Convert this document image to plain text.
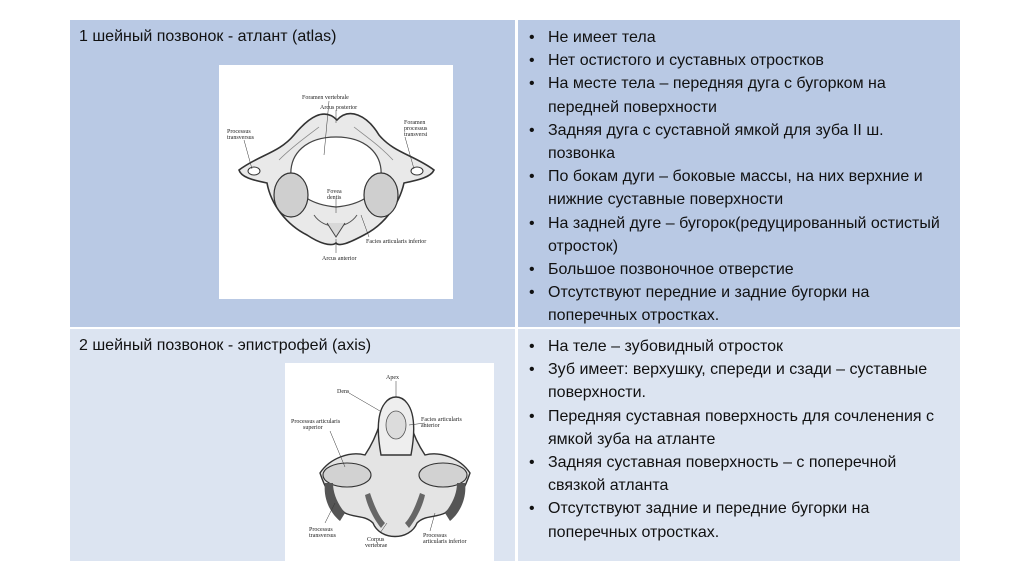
1 шейный позвонок - атлант (atlas)
Foramen vertebrale
Arcus posterior
Foramen
processus
transversi
Processus
transversus
Fovea
dentis
Facies articularis inferior
Arcus anterior
• Не имеет тела
• Нет остистого и суставных отростков
• На месте тела – передняя дуга с бугорком на передней поверхности
• Задняя дуга с суставной ямкой для зуба II ш. позвонка
• По бокам дуги – боковые массы, на них верхние и нижние суставные поверхности
• На задней дуге – бугорок(редуцированный остистый отросток)
• Большое позвоночное отверстие
• Отсутствуют передние и задние бугорки на поперечных отростках.
2 шейный позвонок - эпистрофей (axis)
Apex
Dens
Facies articularis
anterior
Processus articularis
superior
Processus
transversus
Corpus
vertebrae
Processus
articularis inferior
• На теле – зубовидный отросток
• Зуб имеет: верхушку, спереди и сзади – суставные поверхности.
• Передняя суставная поверхность для сочленения с ямкой зуба на атланте
• Задняя суставная поверхность – с поперечной связкой атланта
• Отсутствуют задние и передние бугорки на поперечных отростках.
